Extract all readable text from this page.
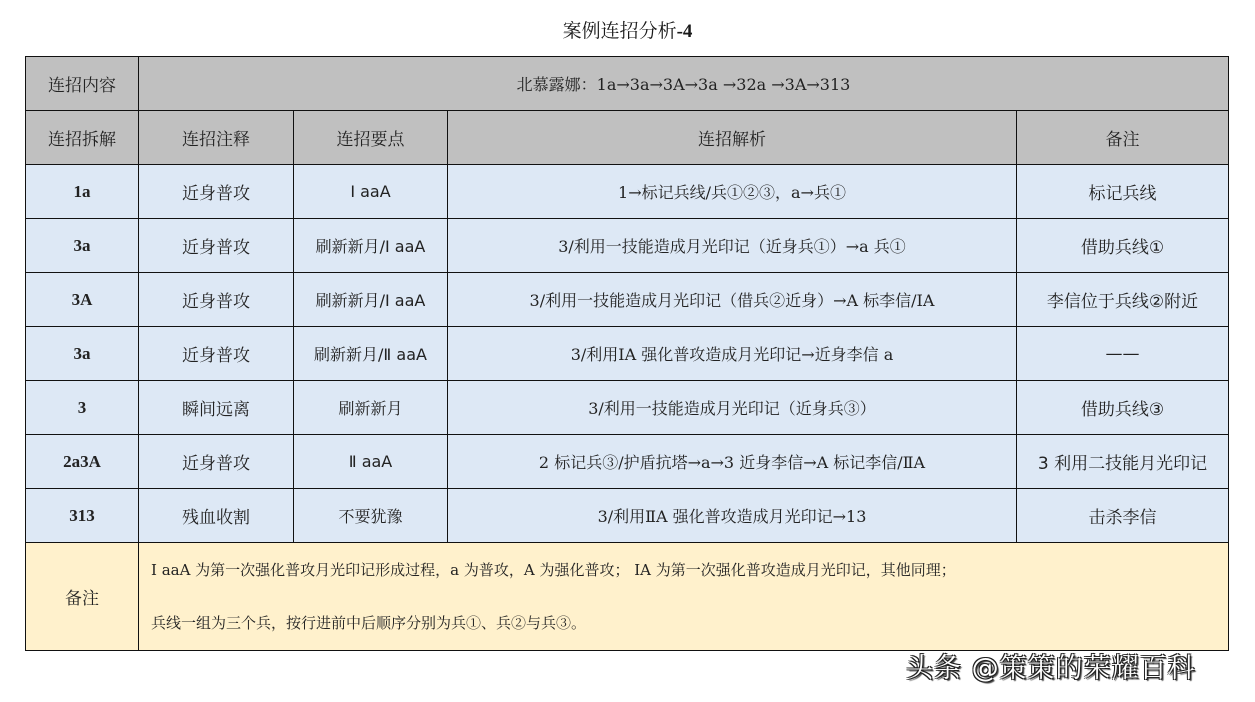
案例连招分析-4
连招内容	北慕露娜：1a→3a→3A→3a →32a →3A→313			
连招拆解	连招注释	连招要点	连招解析	备注
1a	近身普攻	Ⅰ aaA	1→标记兵线/兵①②③，a→兵①	标记兵线
3a	近身普攻	刷新新月/Ⅰ aaA	3/利用一技能造成月光印记（近身兵①）→a 兵①	借助兵线①
3A	近身普攻	刷新新月/Ⅰ aaA	3/利用一技能造成月光印记（借兵②近身）→A 标李信/ⅠA	李信位于兵线②附近
3a	近身普攻	刷新新月/Ⅱ aaA	3/利用ⅠA 强化普攻造成月光印记→近身李信 a	——
3	瞬间远离	刷新新月	3/利用一技能造成月光印记（近身兵③）	借助兵线③
2a3A	近身普攻	Ⅱ aaA	2 标记兵③/护盾抗塔→a→3 近身李信→A 标记李信/ⅡA	3 利用二技能月光印记
313	残血收割	不要犹豫	3/利用ⅡA 强化普攻造成月光印记→13	击杀李信
备注	Ⅰ aaA 为第一次强化普攻月光印记形成过程，a 为普攻，A 为强化普攻； ⅠA 为第一次强化普攻造成月光印记，其他同理；
兵线一组为三个兵，按行进前中后顺序分别为兵①、兵②与兵③。			
头条 @策策的荣耀百科
